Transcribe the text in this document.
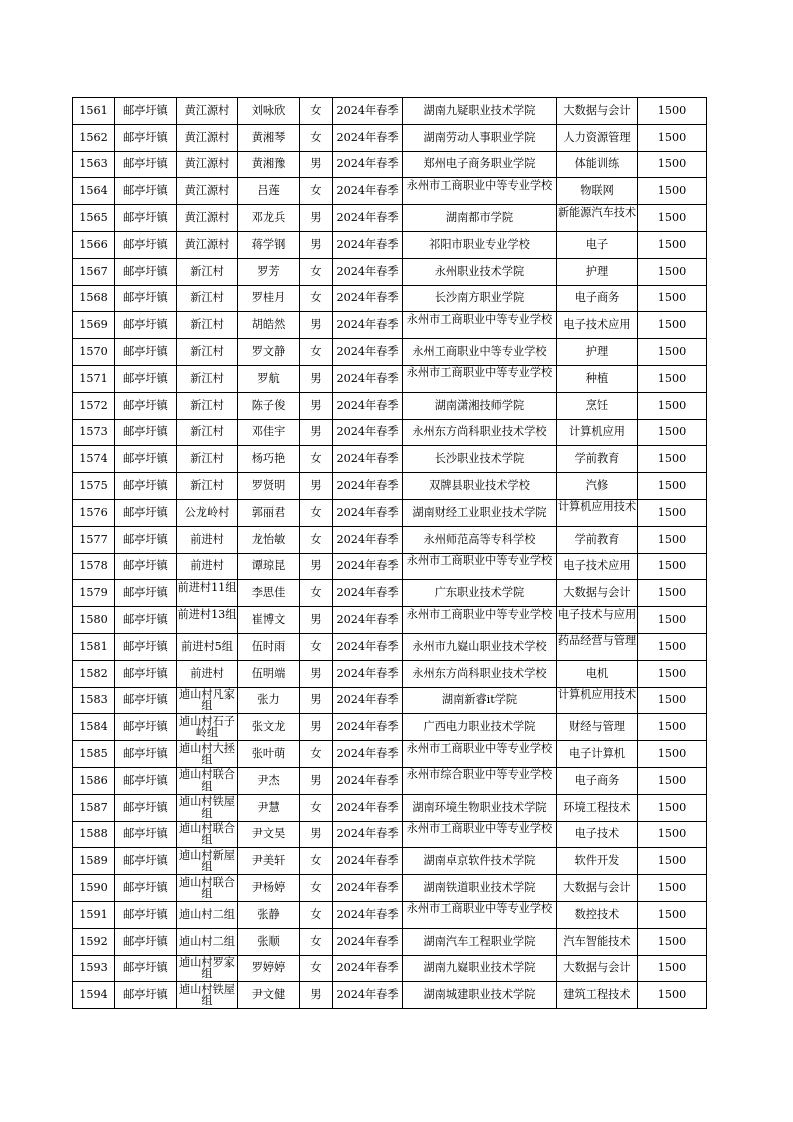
1561	邮亭圩镇	黄江源村	刘咏欣	女	2024年春季	湖南九疑职业技术学院	大数据与会计	1500
1562	邮亭圩镇	黄江源村	黄湘琴	女	2024年春季	湖南劳动人事职业学院	人力资源管理	1500
1563	邮亭圩镇	黄江源村	黄湘豫	男	2024年春季	郑州电子商务职业学院	体能训练	1500
1564	邮亭圩镇	黄江源村	吕莲	女	2024年春季	永州市工商职业中等专业学校	物联网	1500
1565	邮亭圩镇	黄江源村	邓龙兵	男	2024年春季	湖南都市学院	新能源汽车技术	1500
1566	邮亭圩镇	黄江源村	蒋学钢	男	2024年春季	祁阳市职业专业学校	电子	1500
1567	邮亭圩镇	新江村	罗芳	女	2024年春季	永州职业技术学院	护理	1500
1568	邮亭圩镇	新江村	罗桂月	女	2024年春季	长沙南方职业学院	电子商务	1500
1569	邮亭圩镇	新江村	胡皓然	男	2024年春季	永州市工商职业中等专业学校	电子技术应用	1500
1570	邮亭圩镇	新江村	罗文静	女	2024年春季	永州工商职业中等专业学校	护理	1500
1571	邮亭圩镇	新江村	罗航	男	2024年春季	永州市工商职业中等专业学校	种植	1500
1572	邮亭圩镇	新江村	陈子俊	男	2024年春季	湖南潇湘技师学院	烹饪	1500
1573	邮亭圩镇	新江村	邓佳宇	男	2024年春季	永州东方尚科职业技术学校	计算机应用	1500
1574	邮亭圩镇	新江村	杨巧艳	女	2024年春季	长沙职业技术学院	学前教育	1500
1575	邮亭圩镇	新江村	罗贤明	男	2024年春季	双牌县职业技术学校	汽修	1500
1576	邮亭圩镇	公龙岭村	郭丽君	女	2024年春季	湖南财经工业职业技术学院	计算机应用技术	1500
1577	邮亭圩镇	前进村	龙怡敏	女	2024年春季	永州师范高等专科学校	学前教育	1500
1578	邮亭圩镇	前进村	谭琼昆	男	2024年春季	永州市工商职业中等专业学校	电子技术应用	1500
1579	邮亭圩镇	前进村11组	李思佳	女	2024年春季	广东职业技术学院	大数据与会计	1500
1580	邮亭圩镇	前进村13组	崔博文	男	2024年春季	永州市工商职业中等专业学校	电子技术与应用	1500
1581	邮亭圩镇	前进村5组	伍时雨	女	2024年春季	永州市九嶷山职业技术学校	药品经营与管理	1500
1582	邮亭圩镇	前进村	伍明端	男	2024年春季	永州东方尚科职业技术学校	电机	1500
1583	邮亭圩镇	逌山村凡家组	张力	男	2024年春季	湖南新睿it学院	计算机应用技术	1500
1584	邮亭圩镇	逌山村石子岭组	张文龙	男	2024年春季	广西电力职业技术学院	财经与管理	1500
1585	邮亭圩镇	逌山村大拯组	张叶萌	女	2024年春季	永州市工商职业中等专业学校	电子计算机	1500
1586	邮亭圩镇	逌山村联合组	尹杰	男	2024年春季	永州市综合职业中等专业学校	电子商务	1500
1587	邮亭圩镇	逌山村铁屋组	尹慧	女	2024年春季	湖南环境生物职业技术学院	环境工程技术	1500
1588	邮亭圩镇	逌山村联合组	尹文昊	男	2024年春季	永州市工商职业中等专业学校	电子技术	1500
1589	邮亭圩镇	逌山村新屋组	尹美轩	女	2024年春季	湖南卓京软件技术学院	软件开发	1500
1590	邮亭圩镇	逌山村联合组	尹杨婷	女	2024年春季	湖南铁道职业技术学院	大数据与会计	1500
1591	邮亭圩镇	逌山村二组	张静	女	2024年春季	永州市工商职业中等专业学校	数控技术	1500
1592	邮亭圩镇	逌山村二组	张顺	女	2024年春季	湖南汽车工程职业学院	汽车智能技术	1500
1593	邮亭圩镇	逌山村罗家组	罗婷婷	女	2024年春季	湖南九嶷职业技术学院	大数据与会计	1500
1594	邮亭圩镇	逌山村铁屋组	尹文健	男	2024年春季	湖南城建职业技术学院	建筑工程技术	1500
